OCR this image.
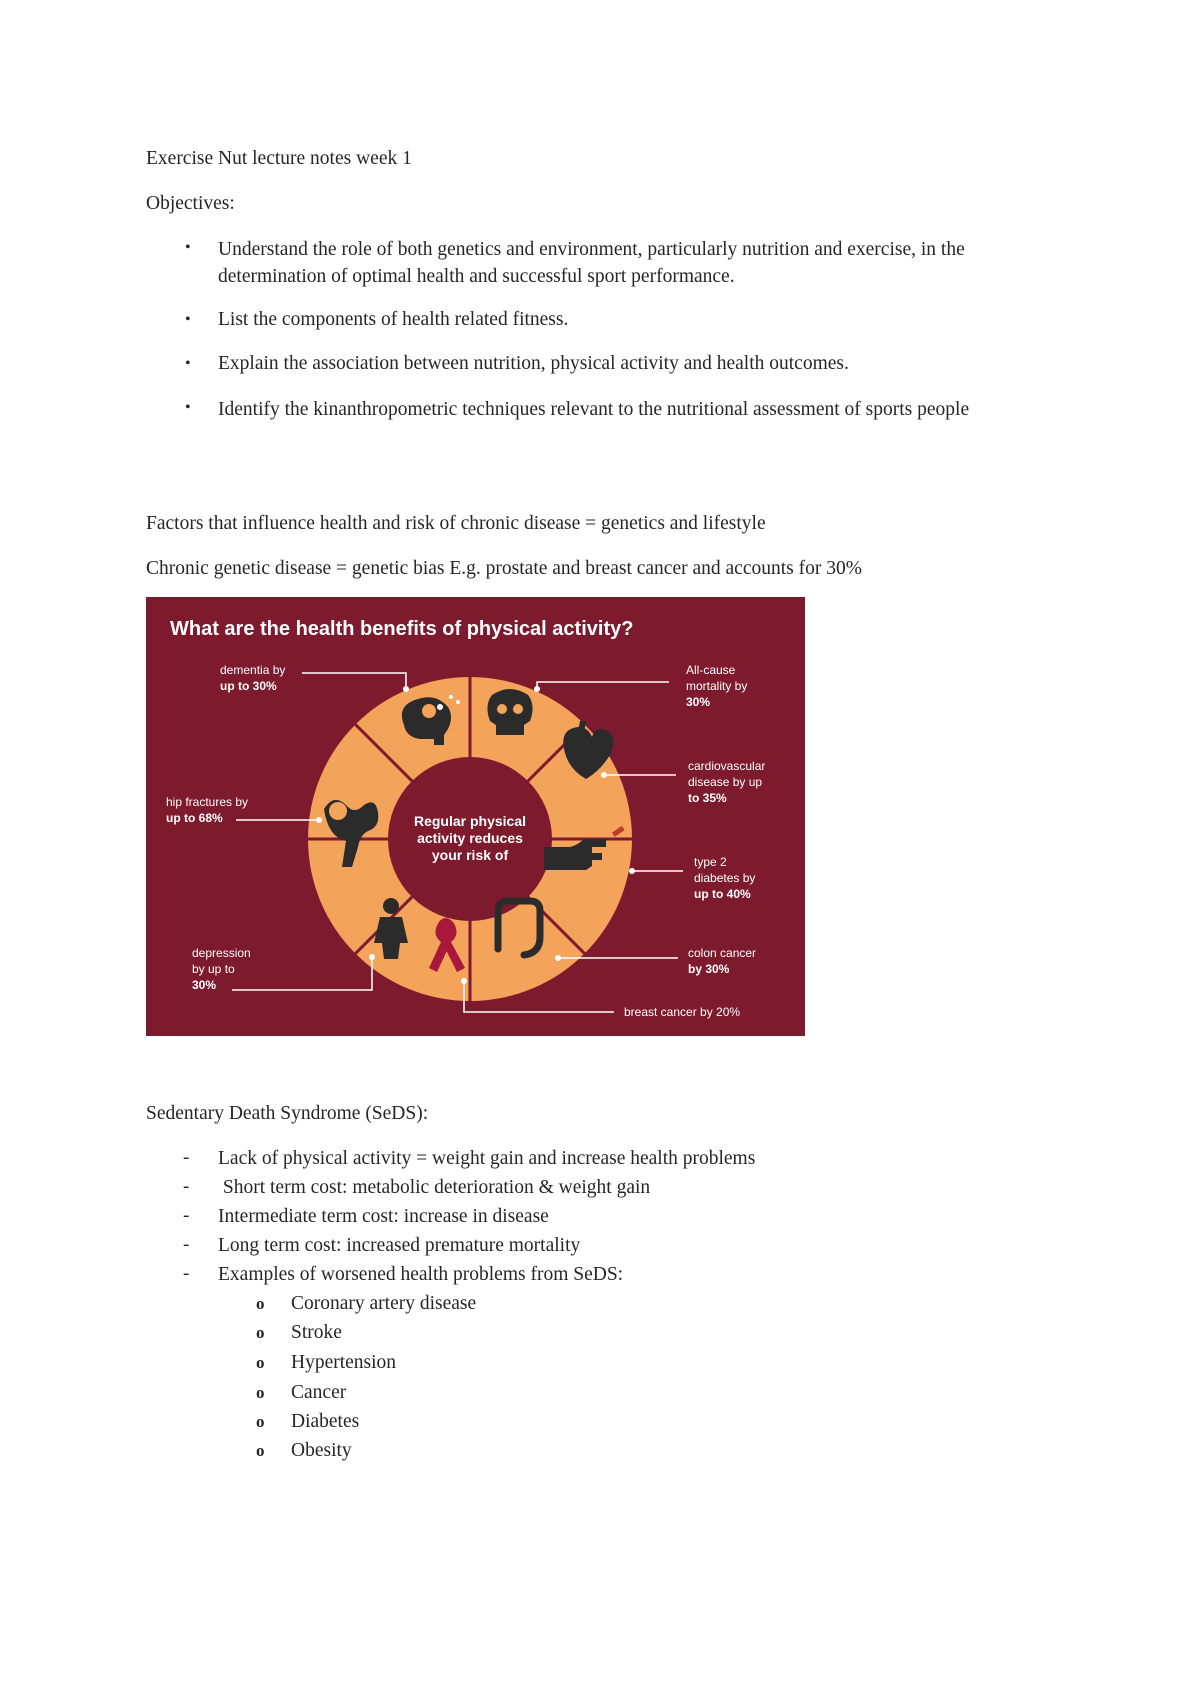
Exercise Nut lecture notes week 1
Objectives:
• Understand the role of both genetics and environment, particularly nutrition and exercise, in the determination of optimal health and successful sport performance.
• List the components of health related fitness.
• Explain the association between nutrition, physical activity and health outcomes.
• Identify the kinanthropometric techniques relevant to the nutritional assessment of sports people
Factors that influence health and risk of chronic disease = genetics and lifestyle
Chronic genetic disease = genetic bias E.g. prostate and breast cancer and accounts for 30%
What are the health benefits of physical activity?
Regular physical
activity reduces
your risk of
dementia by
up to 30%
All-cause
mortality by
30%
cardiovascular
disease by up
to 35%
hip fractures by
up to 68%
type 2
diabetes by
up to 40%
depression
by up to
30%
colon cancer
by 30%
breast cancer by 20%
Sedentary Death Syndrome (SeDS):
- Lack of physical activity = weight gain and increase health problems
- Short term cost: metabolic deterioration & weight gain
- Intermediate term cost: increase in disease
- Long term cost: increased premature mortality
- Examples of worsened health problems from SeDS:
o Coronary artery disease
o Stroke
o Hypertension
o Cancer
o Diabetes
o Obesity
